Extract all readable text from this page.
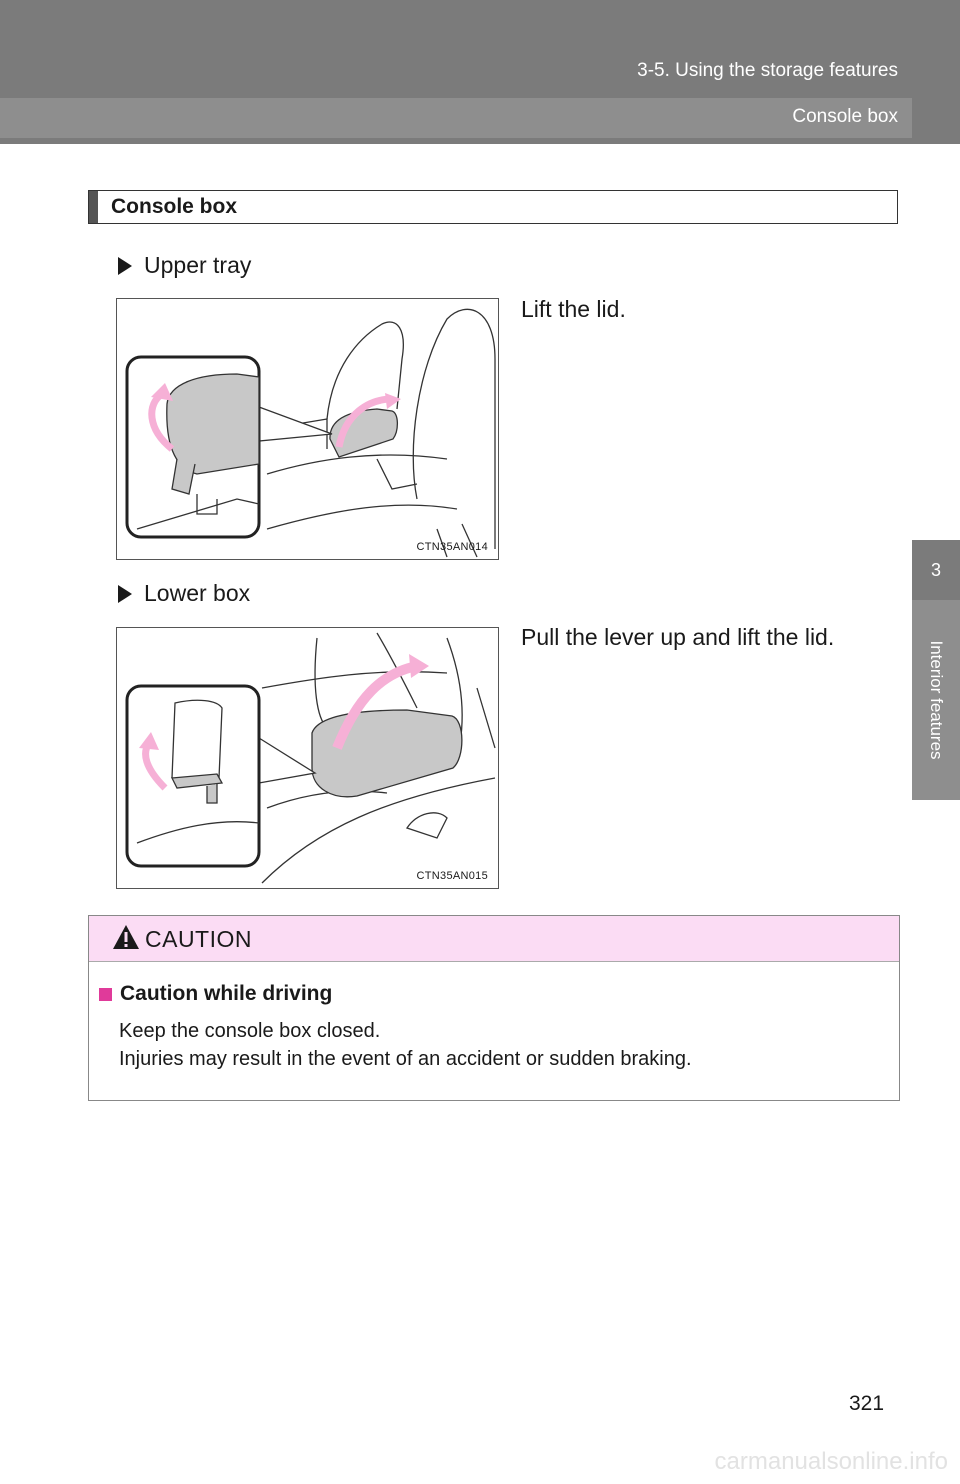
3-5. Using the storage features
Console box
3
Interior features
Console box
Upper tray
Lift the lid.
CTN35AN014
Lower box
Pull the lever up and lift the lid.
CTN35AN015
CAUTION
Caution while driving
Keep the console box closed.
Injuries may result in the event of an accident or sudden braking.
321
carmanualsonline.info
